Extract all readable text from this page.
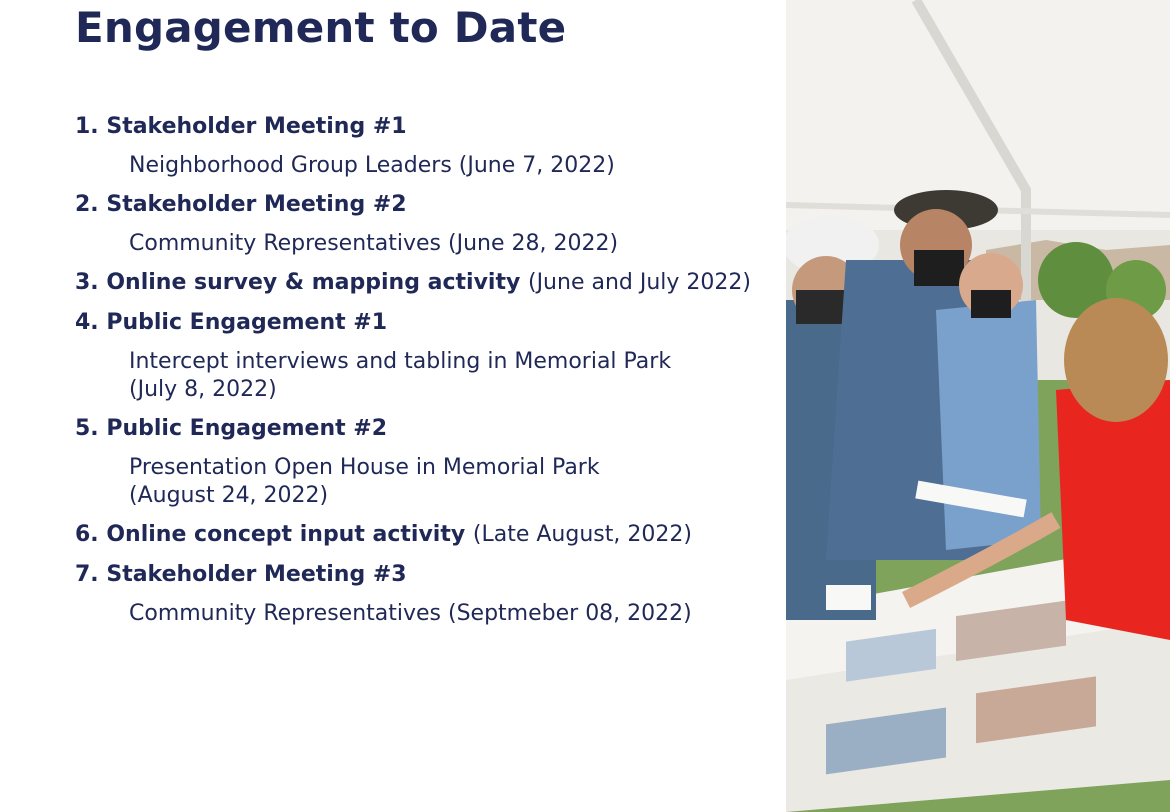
Engagement to Date
1. Stakeholder Meeting #1
Neighborhood Group Leaders (June 7, 2022)
2. Stakeholder Meeting #2
Community Representatives (June 28, 2022)
3. Online survey & mapping activity (June and July 2022)
4. Public Engagement #1
Intercept interviews and tabling in Memorial Park
(July 8, 2022)
5. Public Engagement #2
Presentation Open House in Memorial Park
(August 24, 2022)
6. Online concept input activity (Late August, 2022)
7. Stakeholder Meeting #3
Community Representatives (Septmeber 08, 2022)
